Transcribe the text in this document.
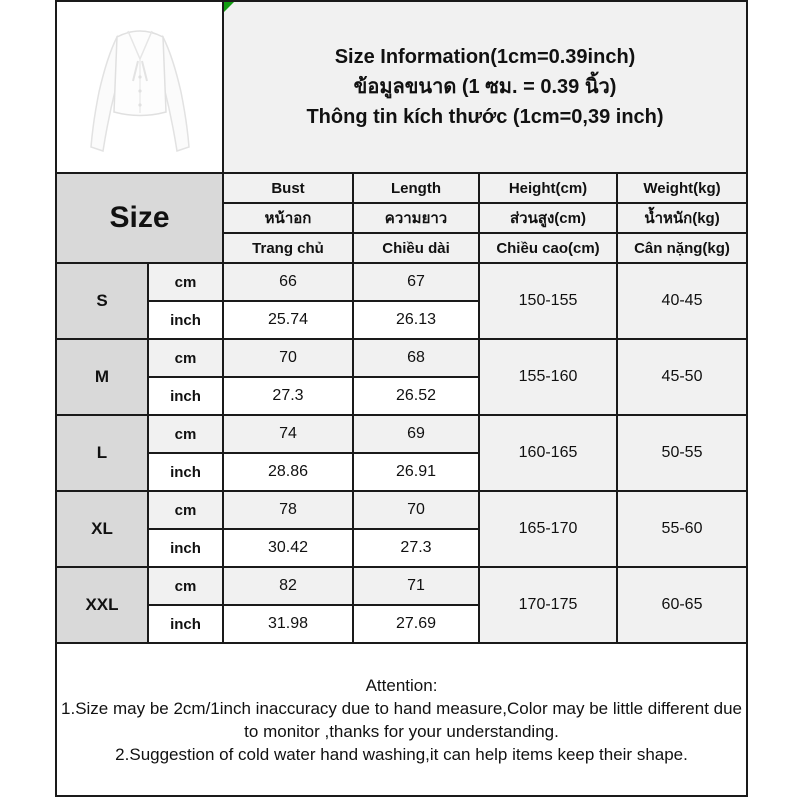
Size Information(1cm=0.39inch)
ข้อมูลขนาด (1 ซม. = 0.39 นิ้ว)
Thông tin kích thước (1cm=0,39 inch)			

Size		Bust	Length	Height(cm)	Weight(kg)
		หน้าอก	ความยาว	ส่วนสูง(cm)	น้ำหนัก(kg)
		Trang chủ	Chiều dài	Chiều cao(cm)	Cân nặng(kg)
S	cm	66	67	150-155	40-45
	inch	25.74	26.13		
M	cm	70	68	155-160	45-50
	inch	27.3	26.52		
L	cm	74	69	160-165	50-55
	inch	28.86	26.91		
XL	cm	78	70	165-170	55-60
	inch	30.42	27.3		
XXL	cm	82	71	170-175	60-65
	inch	31.98	27.69		

Attention:

1.Size may be 2cm/1inch inaccuracy due to hand measure,Color may be little different due to monitor ,thanks for your understanding.

2.Suggestion of cold water hand washing,it can help items keep their shape.					
